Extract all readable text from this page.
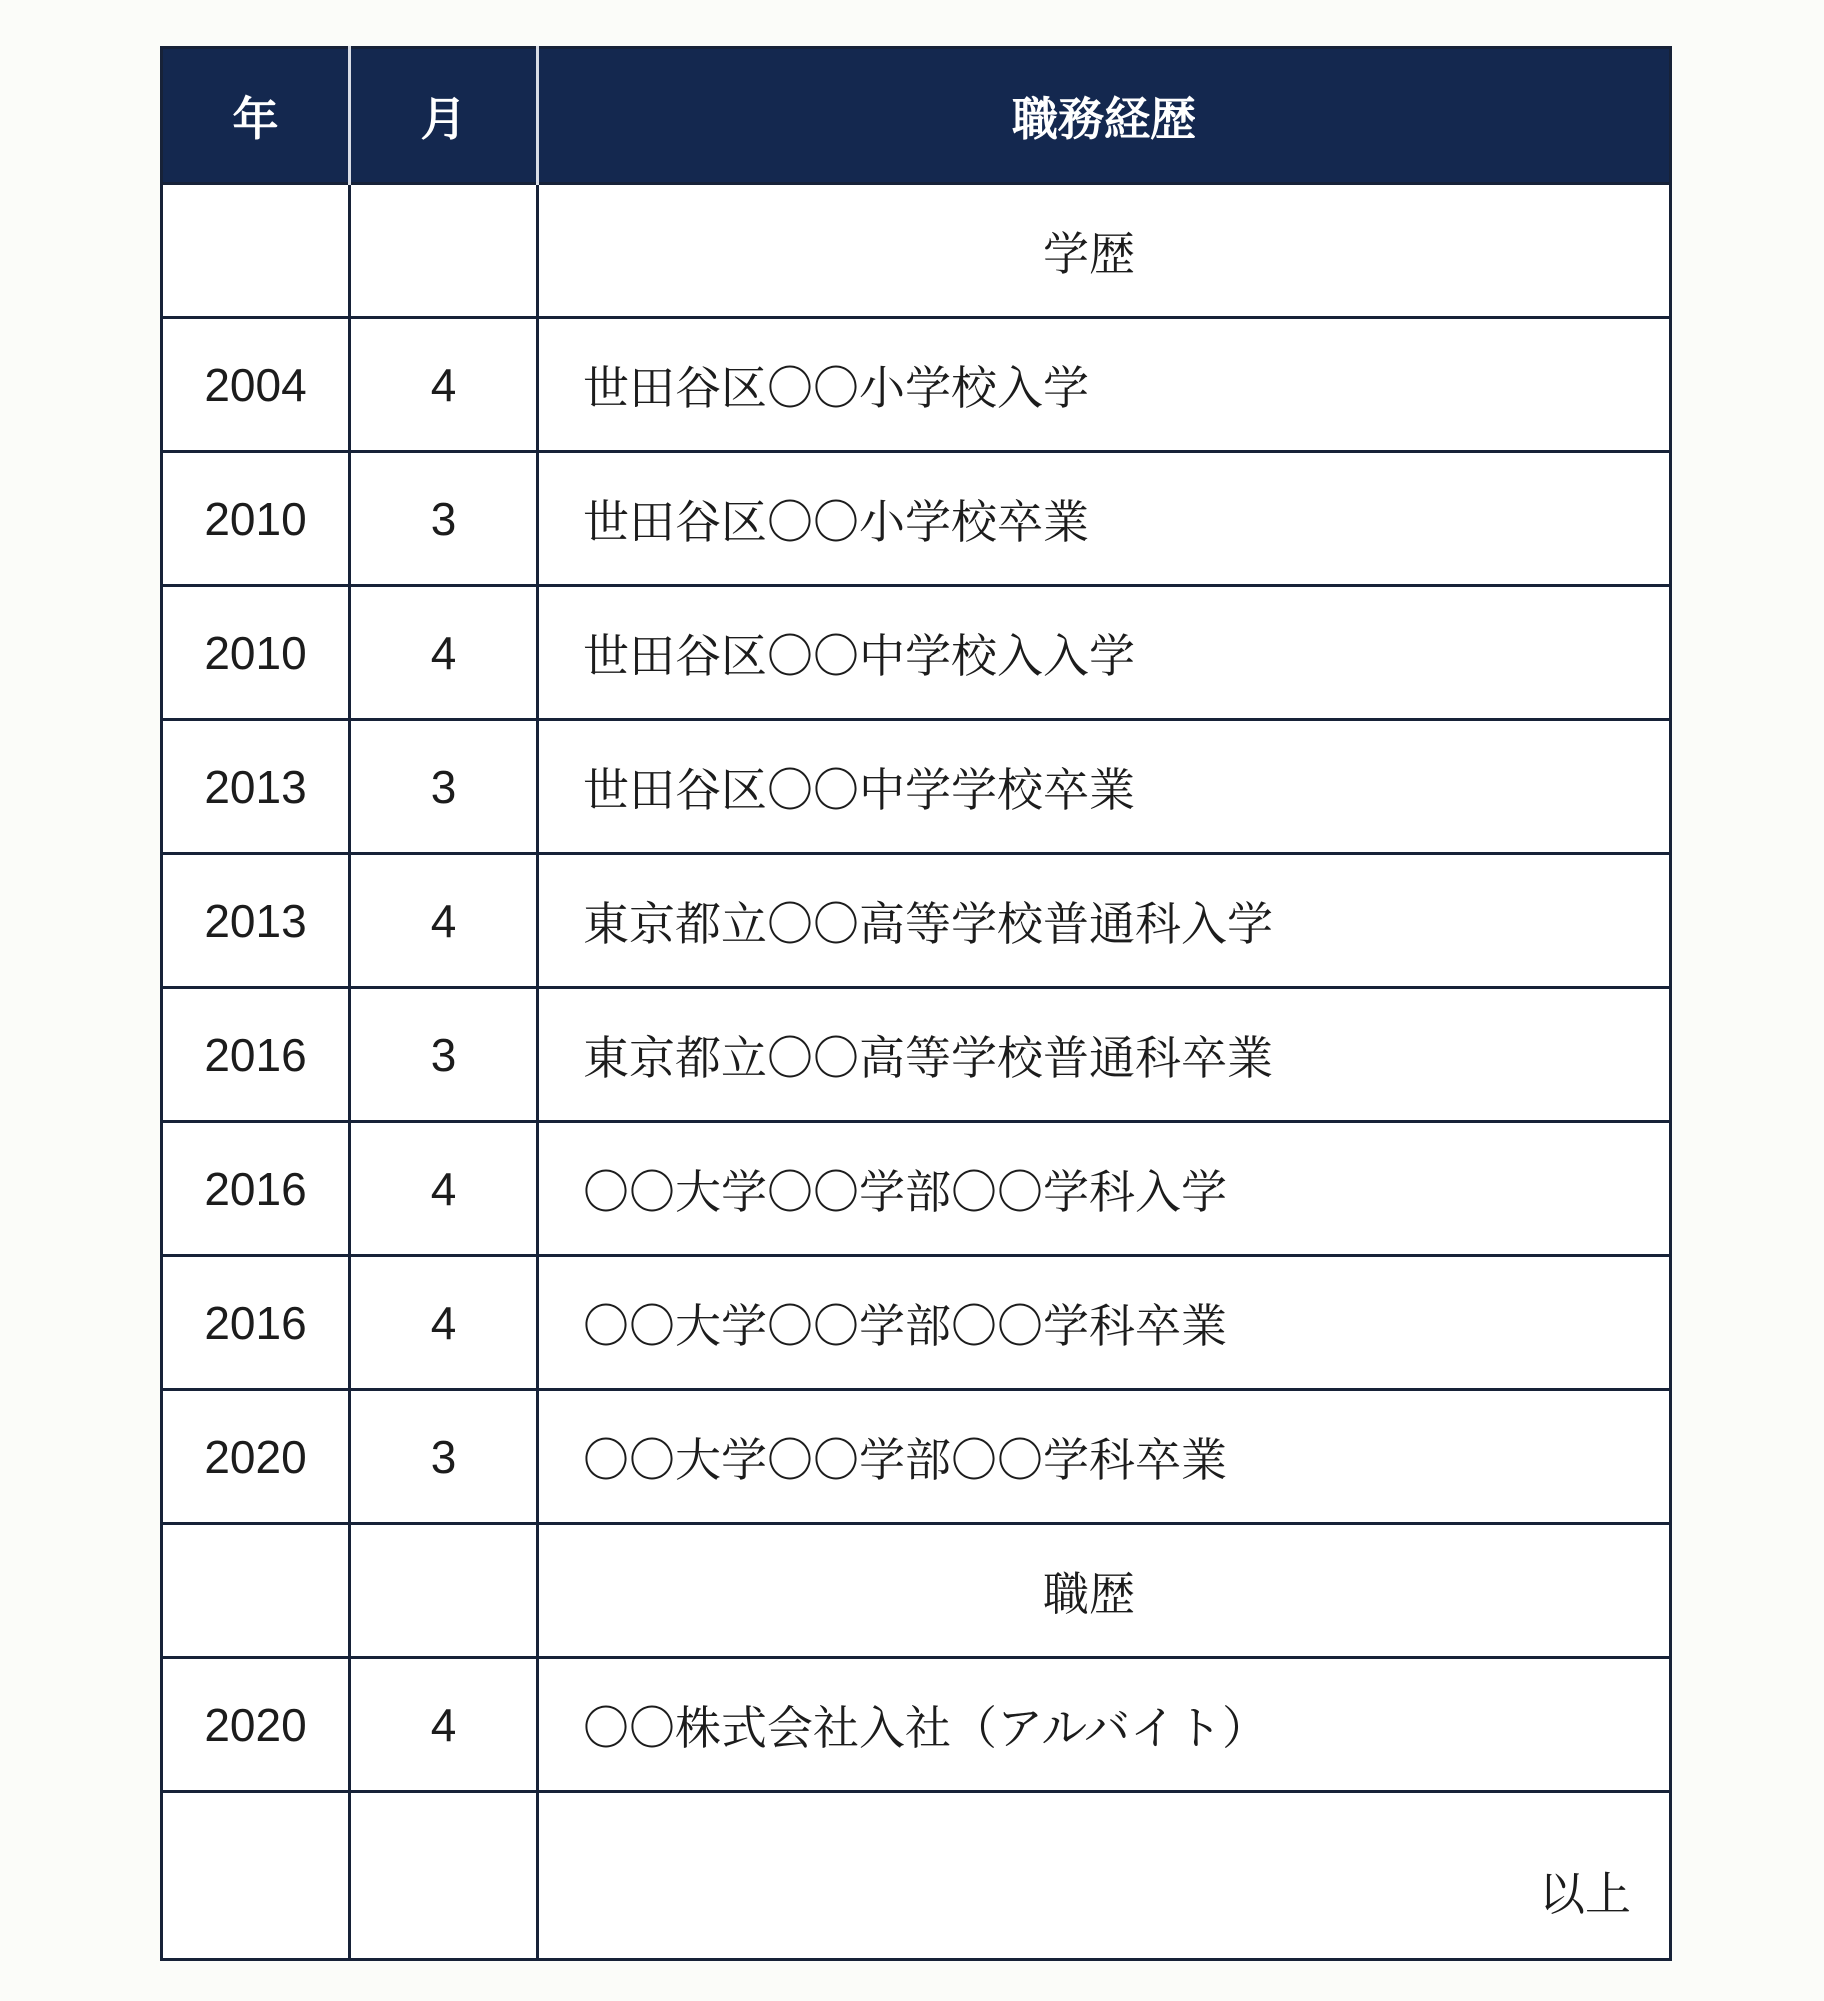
年	月	職務経歴
		学歴
2004	4	世田谷区〇〇小学校入学
2010	3	世田谷区〇〇小学校卒業
2010	4	世田谷区〇〇中学校入入学
2013	3	世田谷区〇〇中学学校卒業
2013	4	東京都立〇〇高等学校普通科入学
2016	3	東京都立〇〇高等学校普通科卒業
2016	4	〇〇大学〇〇学部〇〇学科入学
2016	4	〇〇大学〇〇学部〇〇学科卒業
2020	3	〇〇大学〇〇学部〇〇学科卒業
		職歴
2020	4	〇〇株式会社入社（アルバイト）
		以上
